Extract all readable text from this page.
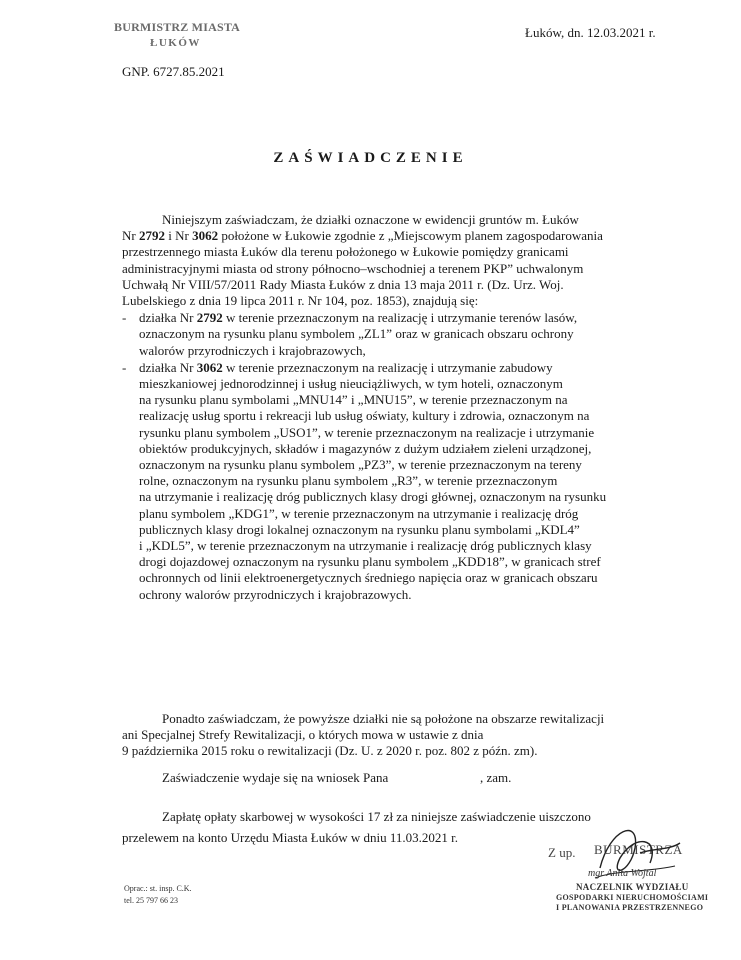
BURMISTRZ MIASTA
ŁUKÓW
Łuków, dn. 12.03.2021 r.
GNP. 6727.85.2021
ZAŚWIADCZENIE
Niniejszym zaświadczam, że działki oznaczone w ewidencji gruntów m. Łuków
Nr 2792 i Nr 3062 położone w Łukowie zgodnie z „Miejscowym planem zagospodarowania
przestrzennego miasta Łuków dla terenu położonego w Łukowie pomiędzy granicami
administracyjnymi miasta od strony północno–wschodniej a terenem PKP” uchwalonym
Uchwałą Nr VIII/57/2011 Rady Miasta Łuków z dnia 13 maja 2011 r. (Dz. Urz. Woj.
Lubelskiego z dnia 19 lipca 2011 r. Nr 104, poz. 1853), znajdują się:
- działka Nr 2792 w terenie przeznaczonym na realizację i utrzymanie terenów lasów,
oznaczonym na rysunku planu symbolem „ZL1” oraz w granicach obszaru ochrony
walorów przyrodniczych i krajobrazowych,
- działka Nr 3062 w terenie przeznaczonym na realizację i utrzymanie zabudowy
mieszkaniowej jednorodzinnej i usług nieuciążliwych, w tym hoteli, oznaczonym
na rysunku planu symbolami „MNU14” i „MNU15”, w terenie przeznaczonym na
realizację usług sportu i rekreacji lub usług oświaty, kultury i zdrowia, oznaczonym na
rysunku planu symbolem „USO1”, w terenie przeznaczonym na realizacje i utrzymanie
obiektów produkcyjnych, składów i magazynów z dużym udziałem zieleni urządzonej,
oznaczonym na rysunku planu symbolem „PZ3”, w terenie przeznaczonym na tereny
rolne, oznaczonym na rysunku planu symbolem „R3”, w terenie przeznaczonym
na utrzymanie i realizację dróg publicznych klasy drogi głównej, oznaczonym na rysunku
planu symbolem „KDG1”, w terenie przeznaczonym na utrzymanie i realizację dróg
publicznych klasy drogi lokalnej oznaczonym na rysunku planu symbolami „KDL4”
i „KDL5”, w terenie przeznaczonym na utrzymanie i realizację dróg publicznych klasy
drogi dojazdowej oznaczonym na rysunku planu symbolem „KDD18”, w granicach stref
ochronnych od linii elektroenergetycznych średniego napięcia oraz w granicach obszaru
ochrony walorów przyrodniczych i krajobrazowych.
Ponadto zaświadczam, że powyższe działki nie są położone na obszarze rewitalizacji
ani Specjalnej Strefy Rewitalizacji, o których mowa w ustawie z dnia
9 października 2015 roku o rewitalizacji (Dz. U. z 2020 r. poz. 802 z późn. zm).
Zaświadczenie wydaje się na wniosek Pana	, zam.
Zapłatę opłaty skarbowej w wysokości 17 zł za niniejsze zaświadczenie uiszczono
przelewem na konto Urzędu Miasta Łuków w dniu 11.03.2021 r.
Z up. BURMISTRZA
mgr Anita Wojtal
NACZELNIK WYDZIAŁU
GOSPODARKI NIERUCHOMOŚCIAMI
I PLANOWANIA PRZESTRZENNEGO
Oprac.: st. insp. C.K.
tel. 25 797 66 23
